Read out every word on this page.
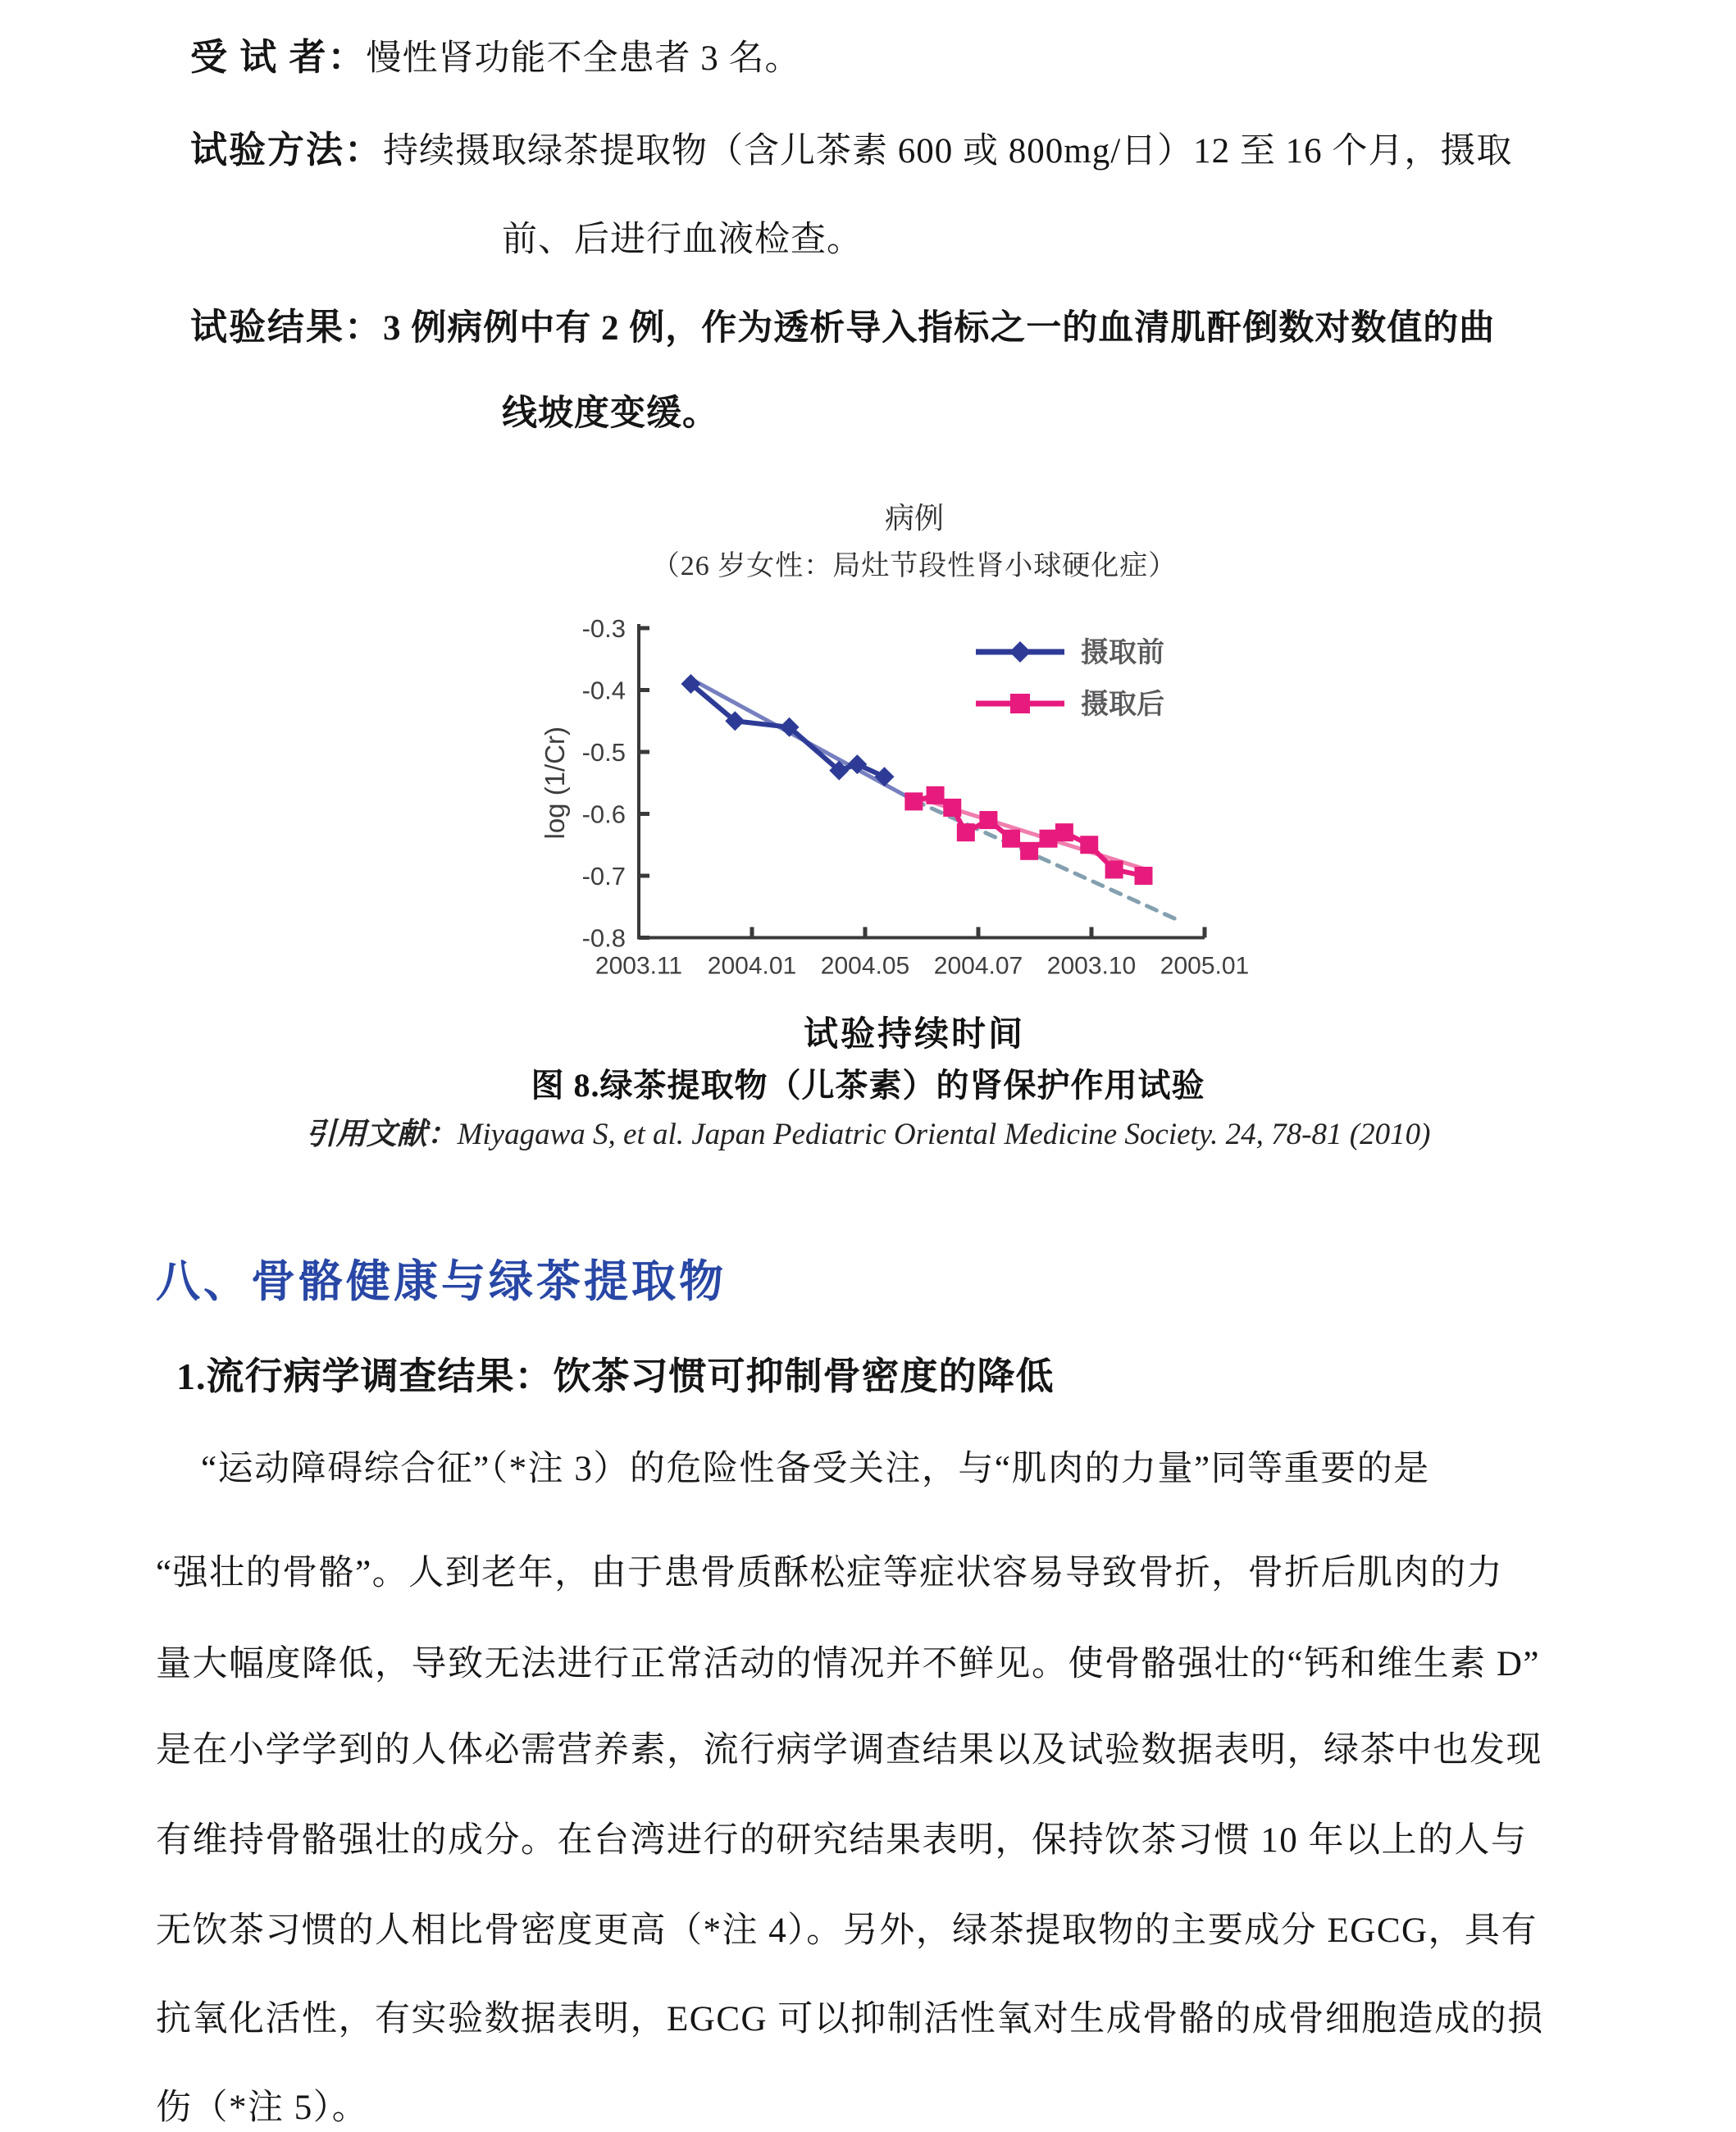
受 试 者：慢性肾功能不全患者 3 名。
试验方法：持续摄取绿茶提取物（含儿茶素 600 或 800mg/日）12 至 16 个月，摄取
前、后进行血液检查。
试验结果：3 例病例中有 2 例，作为透析导入指标之一的血清肌酐倒数对数值的曲
线坡度变缓。
病例
（26 岁女性：局灶节段性肾小球硬化症）
-0.3
-0.4
-0.5
-0.6
-0.7
-0.8
2003.11 2004.01 2004.05 2004.07 2003.10 2005.01
log (1/Cr)
摄取前
摄取后
试验持续时间
图 8.绿茶提取物（儿茶素）的肾保护作用试验
引用文献：Miyagawa S, et al. Japan Pediatric Oriental Medicine Society. 24, 78-81 (2010)
八、骨骼健康与绿茶提取物
1.流行病学调查结果：饮茶习惯可抑制骨密度的降低
“运动障碍综合征”（*注 3）的危险性备受关注，与“肌肉的力量”同等重要的是
“强壮的骨骼”。人到老年，由于患骨质酥松症等症状容易导致骨折，骨折后肌肉的力
量大幅度降低，导致无法进行正常活动的情况并不鲜见。使骨骼强壮的“钙和维生素 D”
是在小学学到的人体必需营养素，流行病学调查结果以及试验数据表明，绿茶中也发现
有维持骨骼强壮的成分。在台湾进行的研究结果表明，保持饮茶习惯 10 年以上的人与
无饮茶习惯的人相比骨密度更高（*注 4）。另外，绿茶提取物的主要成分 EGCG，具有
抗氧化活性，有实验数据表明，EGCG 可以抑制活性氧对生成骨骼的成骨细胞造成的损
伤（*注 5）。
